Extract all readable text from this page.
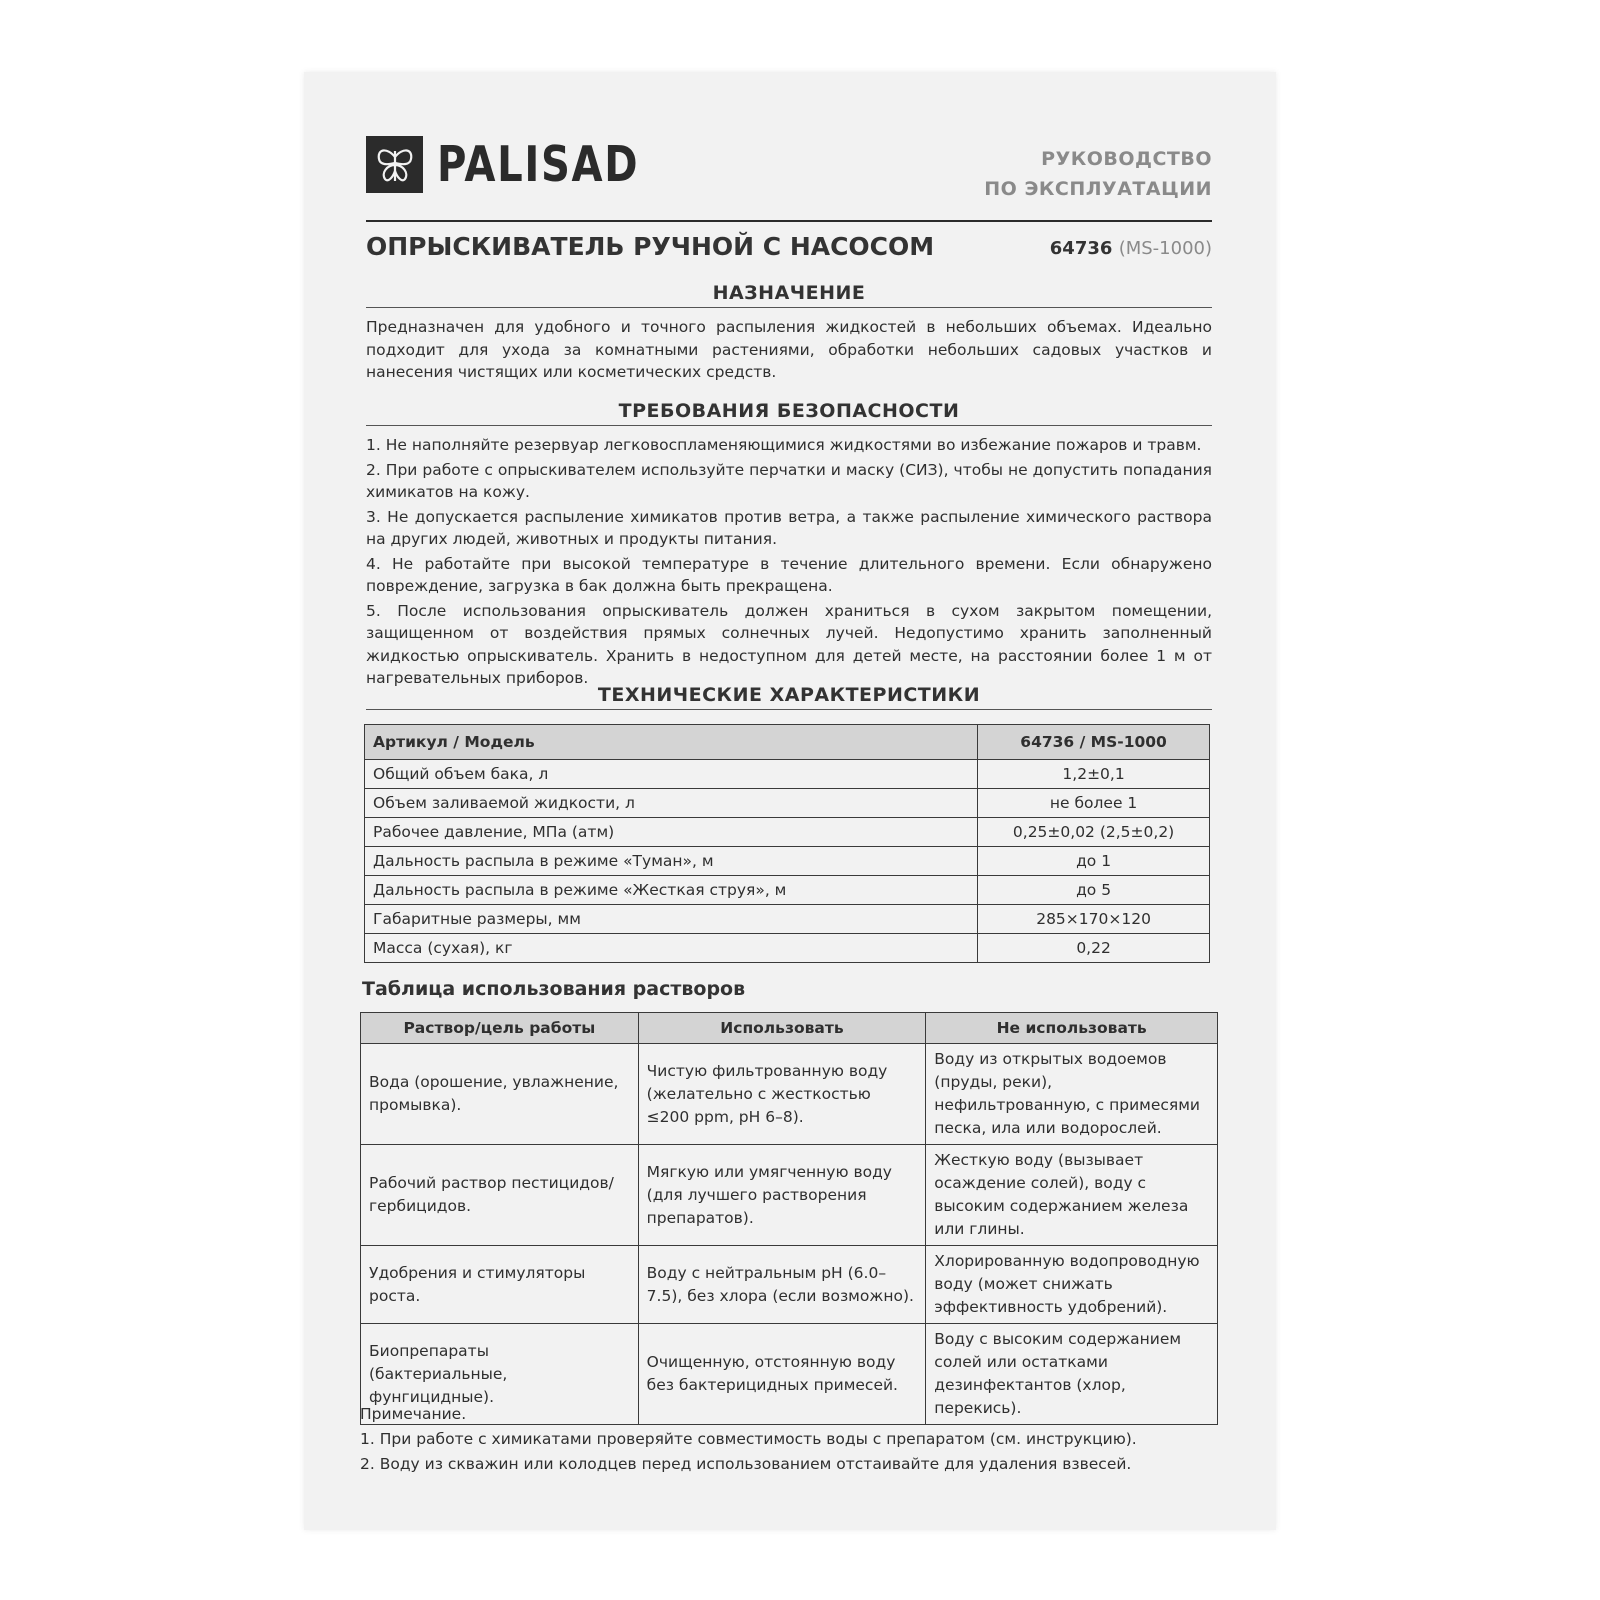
PALISAD	РУКОВОДСТВО
ПО ЭКСПЛУАТАЦИИ
ОПРЫСКИВАТЕЛЬ РУЧНОЙ С НАСОСОМ	64736 (MS-1000)
НАЗНАЧЕНИЕ
Предназначен для удобного и точного распыления жидкостей в небольших объемах. Идеально подходит для ухода за комнатными растениями, обработки небольших садовых участков и нанесения чистящих или косметических средств.
ТРЕБОВАНИЯ БЕЗОПАСНОСТИ
1. Не наполняйте резервуар легковоспламеняющимися жидкостями во избежание пожаров и травм.
2. При работе с опрыскивателем используйте перчатки и маску (СИЗ), чтобы не допустить попадания химикатов на кожу.
3. Не допускается распыление химикатов против ветра, а также распыление химического раствора на других людей, животных и продукты питания.
4. Не работайте при высокой температуре в течение длительного времени. Если обнаружено повреждение, загрузка в бак должна быть прекращена.
5. После использования опрыскиватель должен храниться в сухом закрытом помещении, защищенном от воздействия прямых солнечных лучей. Недопустимо хранить заполненный жидкостью опрыскиватель. Хранить в недоступном для детей месте, на расстоянии более 1 м от нагревательных приборов.
ТЕХНИЧЕСКИЕ ХАРАКТЕРИСТИКИ
Артикул / Модель	64736 / MS-1000
Общий объем бака, л	1,2±0,1
Объем заливаемой жидкости, л	не более 1
Рабочее давление, МПа (атм)	0,25±0,02 (2,5±0,2)
Дальность распыла в режиме «Туман», м	до 1
Дальность распыла в режиме «Жесткая струя», м	до 5
Габаритные размеры, мм	285×170×120
Масса (сухая), кг	0,22
Таблица использования растворов
Раствор/цель работы	Использовать	Не использовать
Вода (орошение, увлажнение, промывка).	Чистую фильтрованную воду (желательно с жесткостью ≤200 ppm, pH 6–8).	Воду из открытых водоемов (пруды, реки), нефильтрованную, с примесями песка, ила или водорослей.
Рабочий раствор пестицидов/гербицидов.	Мягкую или умягченную воду (для лучшего растворения препаратов).	Жесткую воду (вызывает осаждение солей), воду с высоким содержанием железа или глины.
Удобрения и стимуляторы роста.	Воду с нейтральным pH (6.0–7.5), без хлора (если возможно).	Хлорированную водопроводную воду (может снижать эффективность удобрений).
Биопрепараты (бактериальные, фунгицидные).	Очищенную, отстоянную воду без бактерицидных примесей.	Воду с высоким содержанием солей или остатками дезинфектантов (хлор, перекись).
Примечание.
1. При работе с химикатами проверяйте совместимость воды с препаратом (см. инструкцию).
2. Воду из скважин или колодцев перед использованием отстаивайте для удаления взвесей.
